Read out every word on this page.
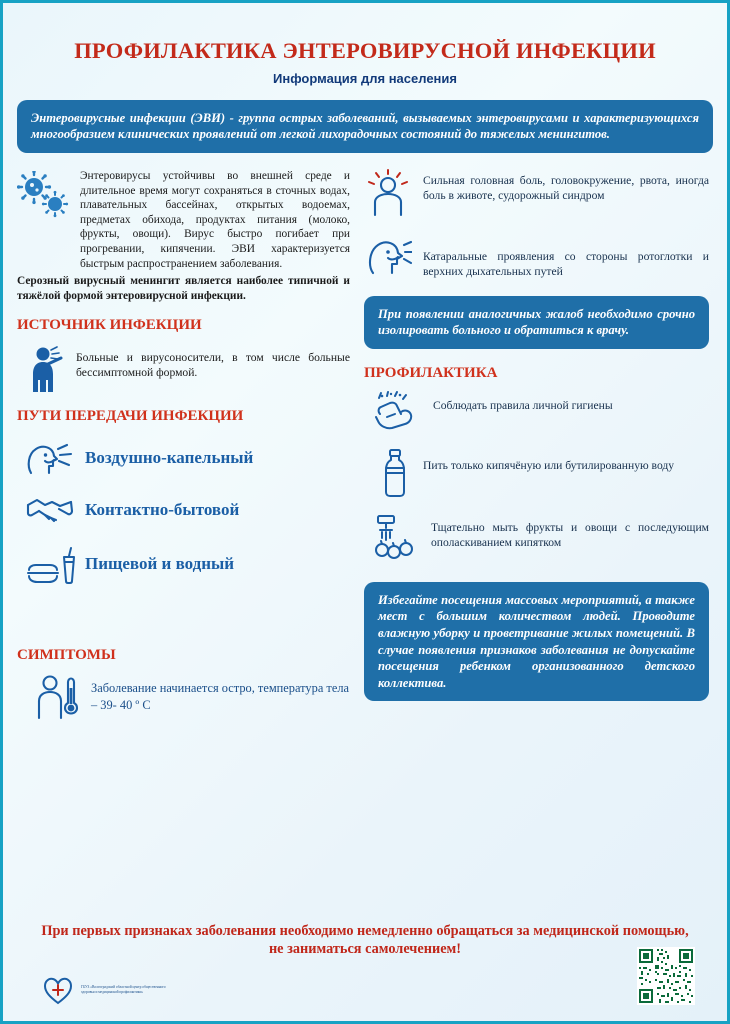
ПРОФИЛАКТИКА ЭНТЕРОВИРУСНОЙ ИНФЕКЦИИ
Информация для населения
Энтеровирусные инфекции (ЭВИ) - группа острых заболеваний, вызываемых энтеровирусами и характеризующихся многообразием клинических проявлений от легкой лихорадочных состояний до тяжелых менингитов.
Энтеровирусы устойчивы во внешней среде и длительное время могут сохраняться в сточных водах, плавательных бассейнах, открытых водоемах, предметах обихода, продуктах питания (молоко, фрукты, овощи). Вирус быстро погибает при прогревании, кипячении. ЭВИ характеризуется быстрым распространением заболевания.
Серозный вирусный менингит является наиболее типичной и тяжёлой формой энтеровирусной инфекции.
ИСТОЧНИК ИНФЕКЦИИ
Больные и вирусоносители, в том числе больные бессимптомной формой.
ПУТИ ПЕРЕДАЧИ ИНФЕКЦИИ
Воздушно-капельный
Контактно-бытовой
Пищевой и водный
СИМПТОМЫ
Заболевание начинается остро, температура тела – 39- 40 º С
Сильная головная боль, головокружение, рвота, иногда боль в животе, судорожный синдром
Катаральные проявления со стороны ротоглотки и верхних дыхательных путей
При появлении аналогичных жалоб необходимо срочно изолировать больного и обратиться к врачу.
ПРОФИЛАКТИКА
Соблюдать правила личной гигиены
Пить только кипячёную или бутилированную воду
Тщательно мыть фрукты и овощи с последующим ополаскиванием кипятком
Избегайте посещения массовых мероприятий, а также мест с большим количеством людей. Проводите влажную уборку и проветривание жилых помещений. В случае появления признаков заболевания не допускайте посещения ребенком организованного детского коллектива.
При первых признаках заболевания необходимо немедленно обращаться за медицинской помощью, не заниматься самолечением!
ГБУЗ «Волгоградский областной центр общественного здоровья и медицинской профилактики»
